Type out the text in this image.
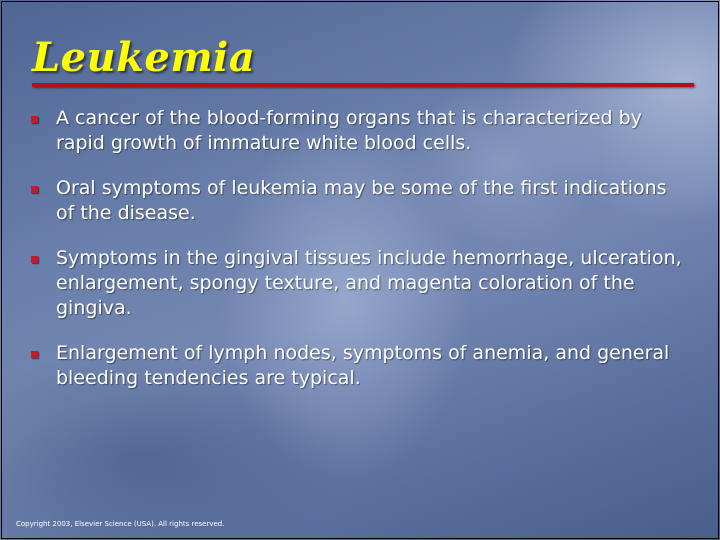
Leukemia
A cancer of the blood-forming organs that is characterized by rapid growth of immature white blood cells.
Oral symptoms of leukemia may be some of the first indications of the disease.
Symptoms in the gingival tissues include hemorrhage, ulceration, enlargement, spongy texture, and magenta coloration of the gingiva.
Enlargement of lymph nodes, symptoms of anemia, and general bleeding tendencies are typical.
Copyright 2003, Elsevier Science (USA). All rights reserved.
